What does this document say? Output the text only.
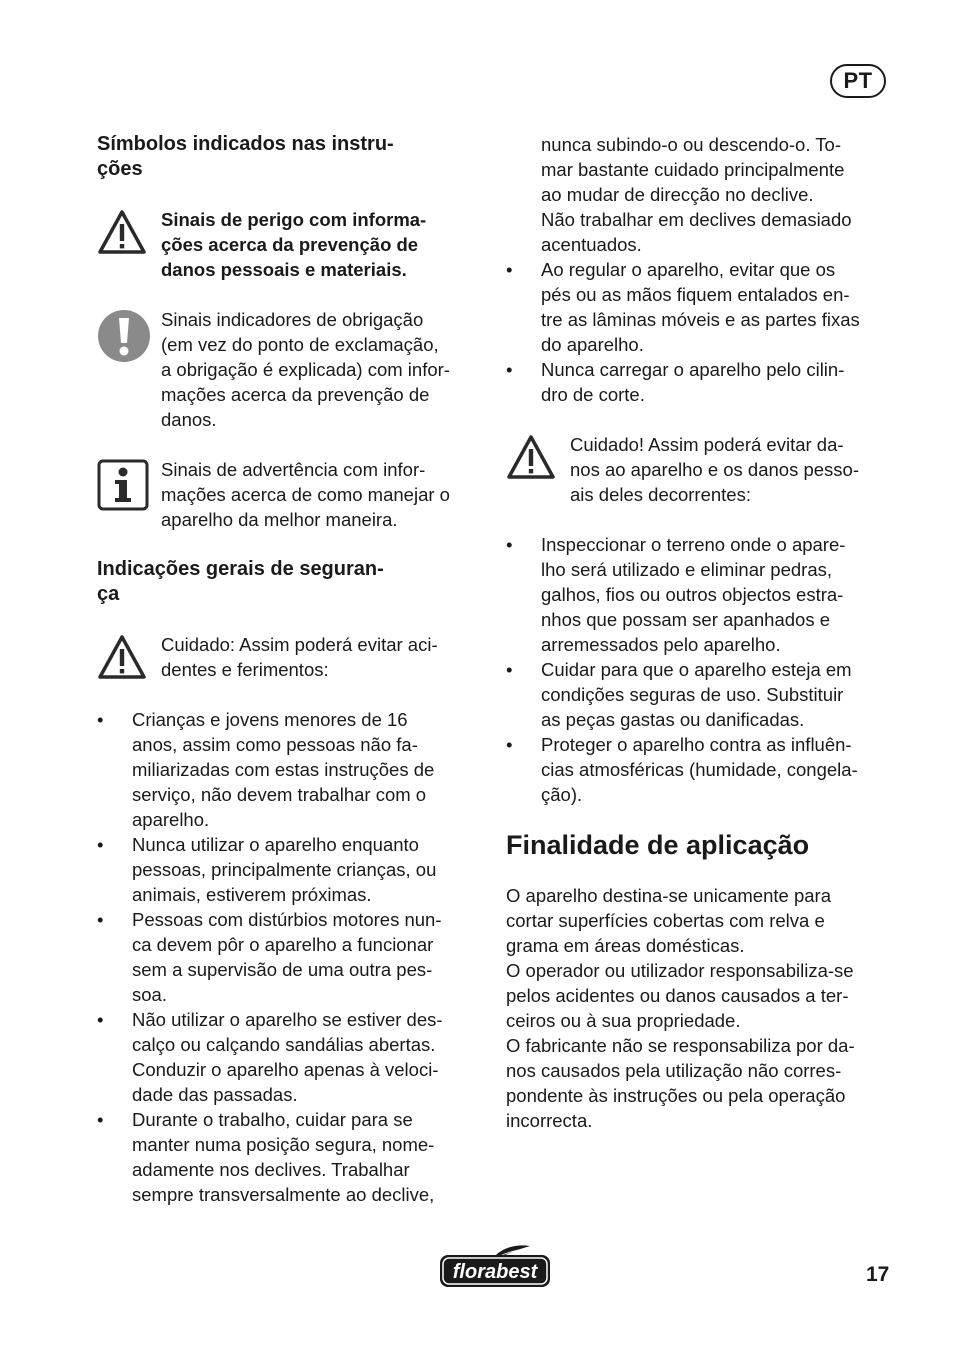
PT
Símbolos indicados nas instru-
ções
Sinais de perigo com informa-
ções acerca da prevenção de
danos pessoais e materiais.
Sinais indicadores de obrigação
(em vez do ponto de exclamação,
a obrigação é explicada) com infor-
mações acerca da prevenção de
danos.
Sinais de advertência com infor-
mações acerca de como manejar o
aparelho da melhor maneira.
Indicações gerais de seguran-
ça
Cuidado: Assim poderá evitar aci-
dentes e ferimentos:
• Crianças e jovens menores de 16
anos, assim como pessoas não fa-
miliarizadas com estas instruções de
serviço, não devem trabalhar com o
aparelho.
• Nunca utilizar o aparelho enquanto
pessoas, principalmente crianças, ou
animais, estiverem próximas.
• Pessoas com distúrbios motores nun-
ca devem pôr o aparelho a funcionar
sem a supervisão de uma outra pes-
soa.
• Não utilizar o aparelho se estiver des-
calço ou calçando sandálias abertas.
Conduzir o aparelho apenas à veloci-
dade das passadas.
• Durante o trabalho, cuidar para se
manter numa posição segura, nome-
adamente nos declives. Trabalhar
sempre transversalmente ao declive,
nunca subindo-o ou descendo-o. To-
mar bastante cuidado principalmente
ao mudar de direcção no declive.
Não trabalhar em declives demasiado
acentuados.
• Ao regular o aparelho, evitar que os
pés ou as mãos fiquem entalados en-
tre as lâminas móveis e as partes fixas
do aparelho.
• Nunca carregar o aparelho pelo cilin-
dro de corte.
Cuidado! Assim poderá evitar da-
nos ao aparelho e os danos pesso-
ais deles decorrentes:
• Inspeccionar o terreno onde o apare-
lho será utilizado e eliminar pedras,
galhos, fios ou outros objectos estra-
nhos que possam ser apanhados e
arremessados pelo aparelho.
• Cuidar para que o aparelho esteja em
condições seguras de uso. Substituir
as peças gastas ou danificadas.
• Proteger o aparelho contra as influên-
cias atmosféricas (humidade, congela-
ção).
Finalidade de aplicação
O aparelho destina-se unicamente para
cortar superfícies cobertas com relva e
grama em áreas domésticas.
O operador ou utilizador responsabiliza-se
pelos acidentes ou danos causados a ter-
ceiros ou à sua propriedade.
O fabricante não se responsabiliza por da-
nos causados pela utilização não corres-
pondente às instruções ou pela operação
incorrecta.
florabest	17
